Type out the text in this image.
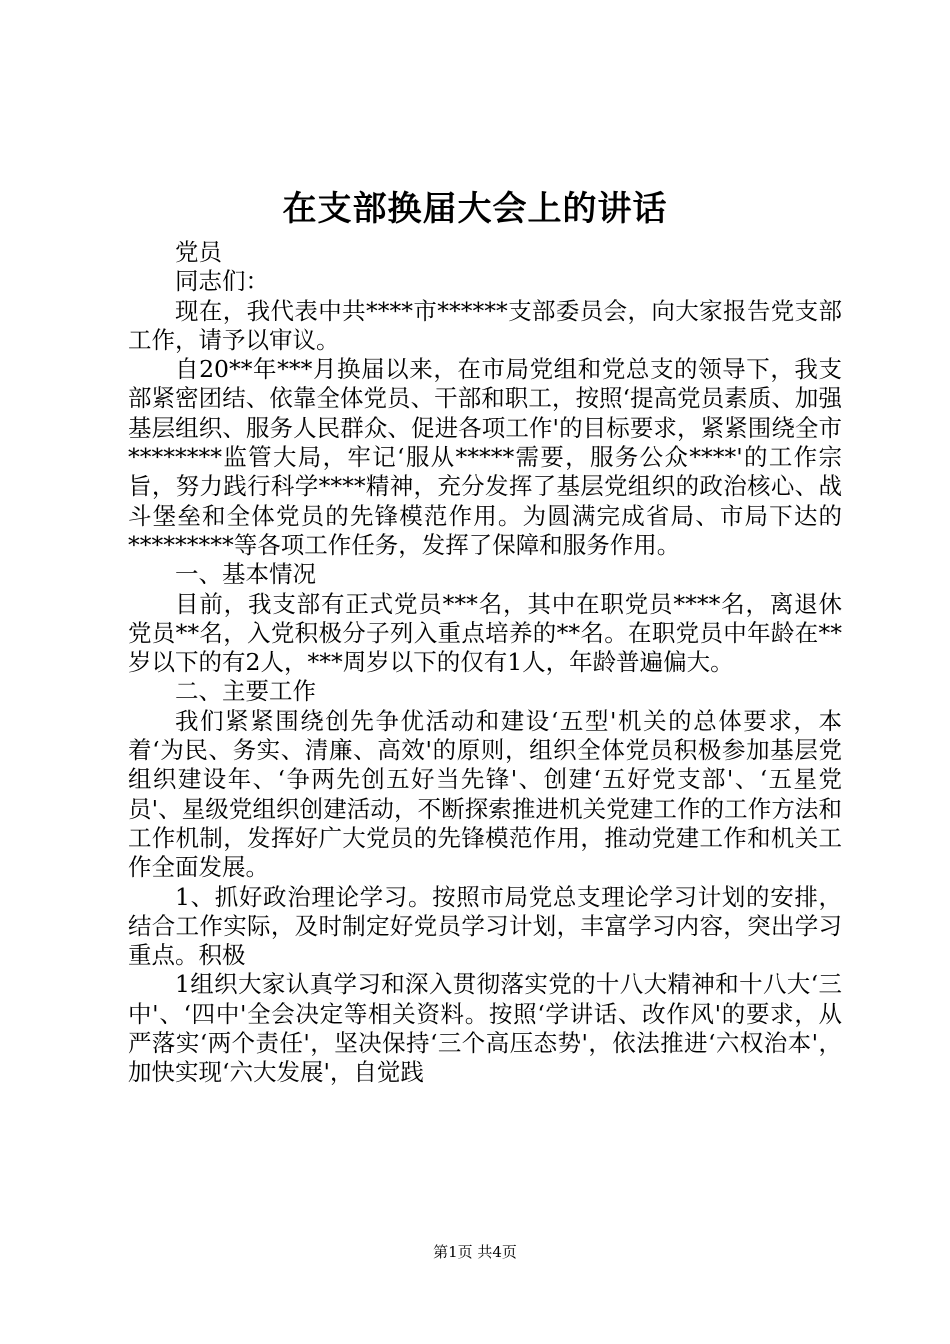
在支部换届大会上的讲话

党员

同志们：

现在，我代表中共****市******支部委员会，向大家报告党支部工作，请予以审议。

自20**年***月换届以来，在市局党组和党总支的领导下，我支部紧密团结、依靠全体党员、干部和职工，按照‘提高党员素质、加强基层组织、服务人民群众、促进各项工作'的目标要求，紧紧围绕全市********监管大局，牢记‘服从*****需要，服务公众****'的工作宗旨，努力践行科学****精神，充分发挥了基层党组织的政治核心、战斗堡垒和全体党员的先锋模范作用。为圆满完成省局、市局下达的*********等各项工作任务，发挥了保障和服务作用。

一、基本情况

目前，我支部有正式党员***名，其中在职党员****名，离退休党员**名，入党积极分子列入重点培养的**名。在职党员中年龄在**岁以下的有2人，***周岁以下的仅有1人，年龄普遍偏大。

二、主要工作

我们紧紧围绕创先争优活动和建设‘五型'机关的总体要求，本着‘为民、务实、清廉、高效'的原则，组织全体党员积极参加基层党组织建设年、‘争两先创五好当先锋'、创建‘五好党支部'、‘五星党员'、星级党组织创建活动，不断探索推进机关党建工作的工作方法和工作机制，发挥好广大党员的先锋模范作用，推动党建工作和机关工作全面发展。

1、抓好政治理论学习。按照市局党总支理论学习计划的安排，结合工作实际，及时制定好党员学习计划，丰富学习内容，突出学习重点。积极

1组织大家认真学习和深入贯彻落实党的十八大精神和十八大‘三中'、‘四中'全会决定等相关资料。按照‘学讲话、改作风'的要求，从严落实‘两个责任'，坚决保持‘三个高压态势'，依法推进‘六权治本'，加快实现‘六大发展'，自觉践

第1页 共4页
